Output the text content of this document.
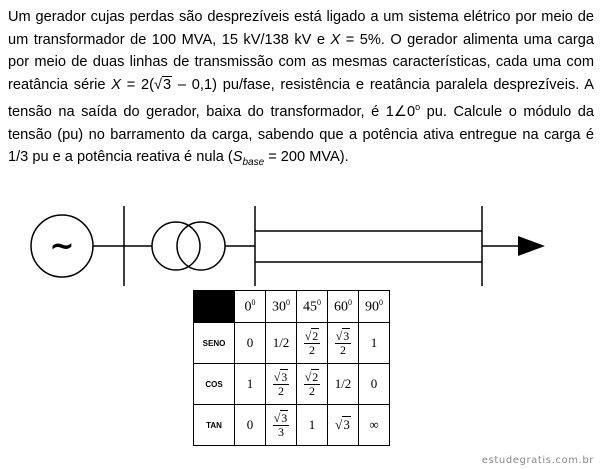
Um gerador cujas perdas são desprezíveis está ligado a um sistema elétrico por meio de um transformador de 100 MVA, 15 kV/138 kV e X = 5%. O gerador alimenta uma carga por meio de duas linhas de transmissão com as mesmas características, cada uma com reatância série X = 2(√3 – 0,1) pu/fase, resistência e reatância paralela desprezíveis. A tensão na saída do gerador, baixa do transformador, é 1∠0$^o$ pu. Calcule o módulo da tensão (pu) no barramento da carga, sabendo que a potência ativa entregue na carga é 1/3 pu e a potência reativa é nula ($S_{base} = 200$ MVA).

~
	$0^0$	$30^0$	$45^0$	$60^0$	$90^0$
SENO	0	1/2	$\frac{√2}{2}$	$\frac{√3}{2}$	1
COS	1	$\frac{√3}{2}$	$\frac{√2}{2}$	1/2	0
TAN	0	$\frac{√3}{3}$	1	√3	∞
estudegratis.com.br
